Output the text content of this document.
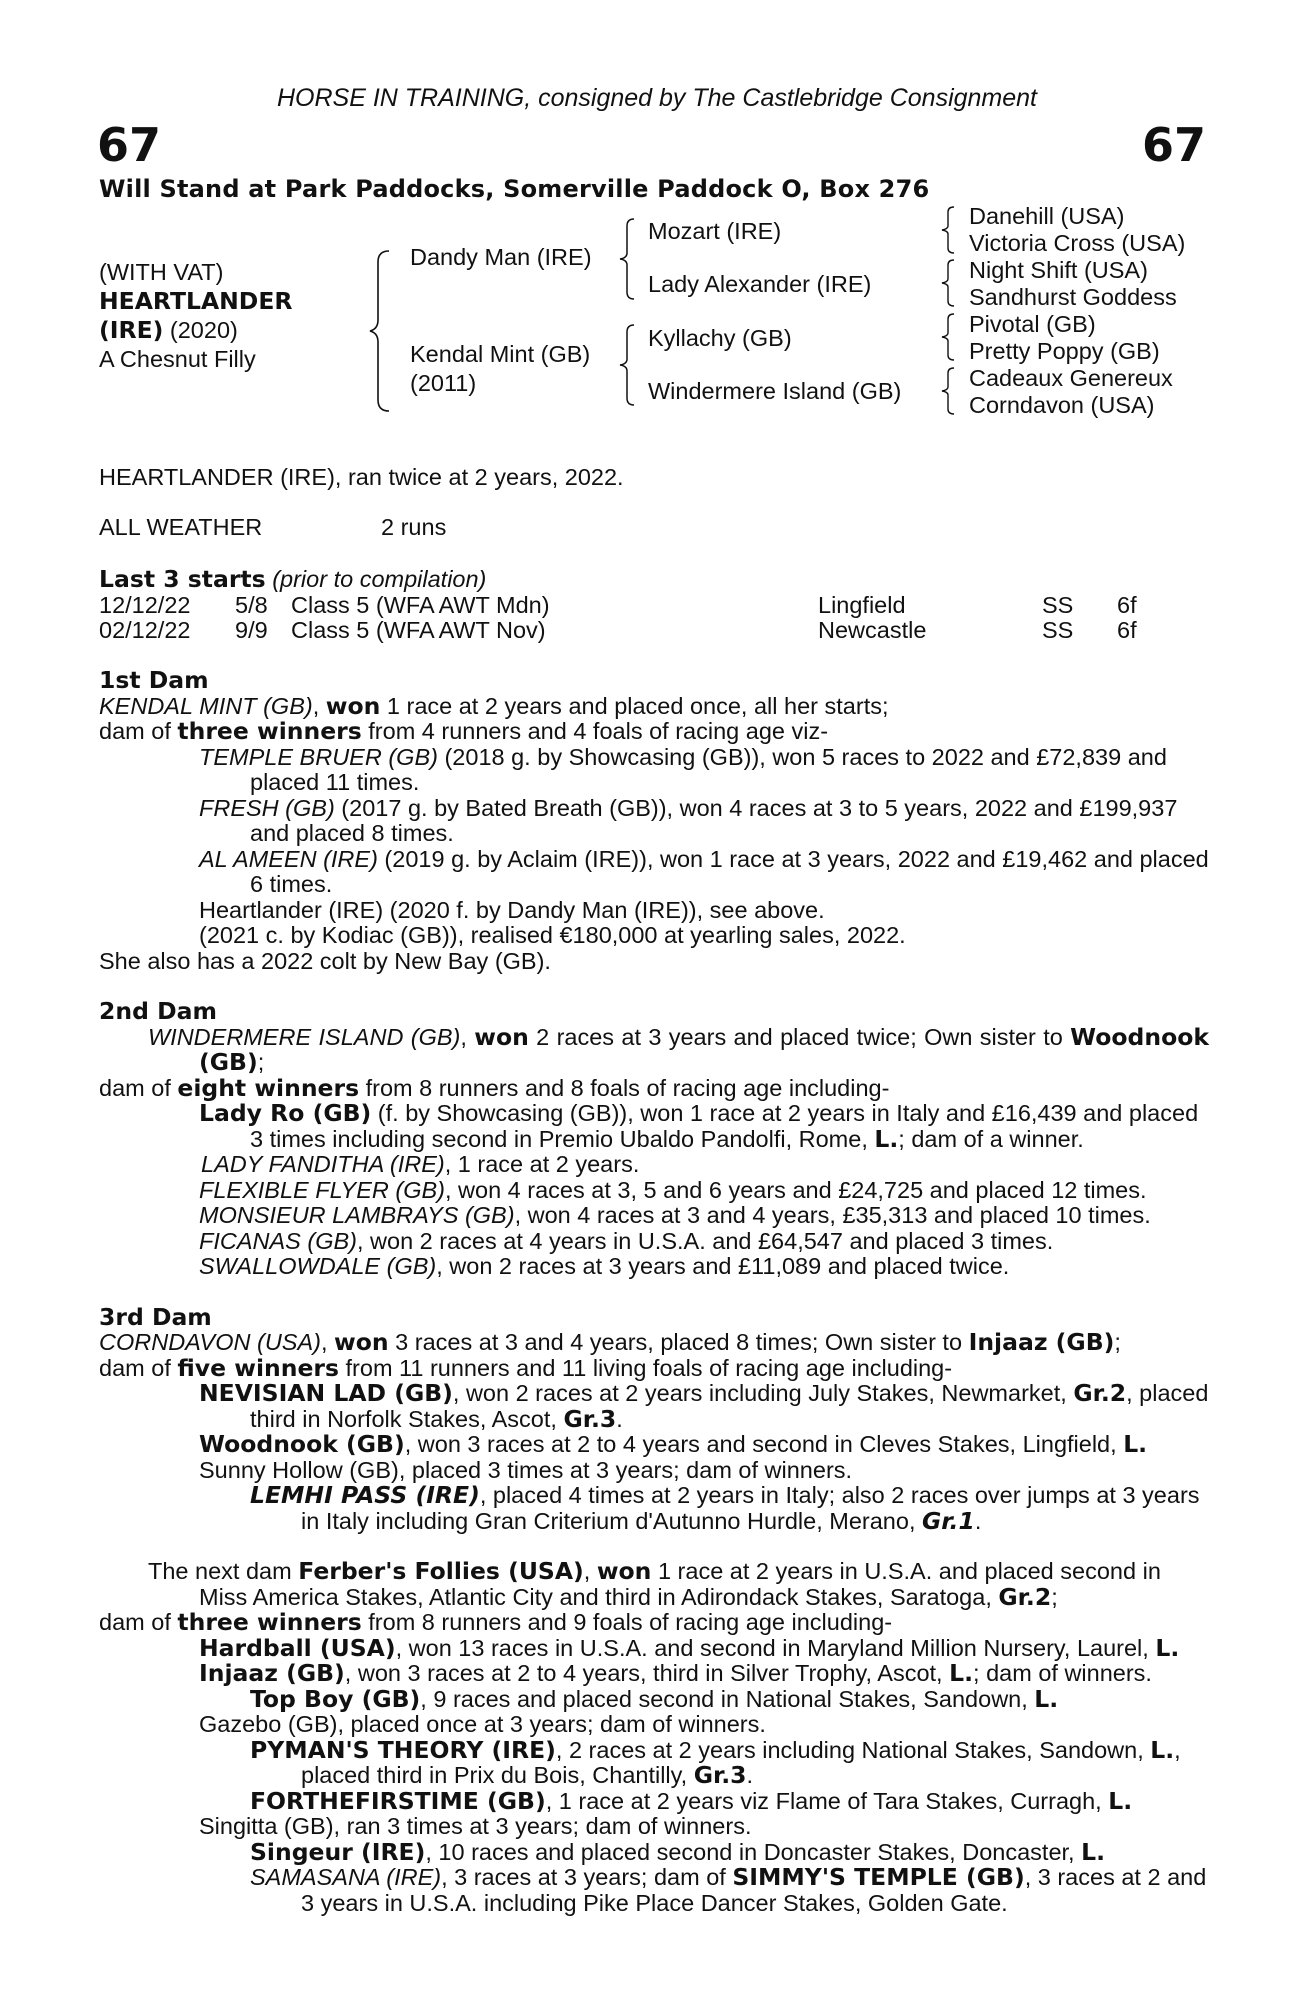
HORSE IN TRAINING, consigned by The Castlebridge Consignment
67	67
Will Stand at Park Paddocks, Somerville Paddock O, Box 276
(WITH VAT)
HEARTLANDER
(IRE) (2020)
A Chesnut Filly
Dandy Man (IRE)
Kendal Mint (GB)
(2011)
Mozart (IRE)
Lady Alexander (IRE)
Kyllachy (GB)
Windermere Island (GB)
Danehill (USA)
Victoria Cross (USA)
Night Shift (USA)
Sandhurst Goddess
Pivotal (GB)
Pretty Poppy (GB)
Cadeaux Genereux
Corndavon (USA)
HEARTLANDER (IRE), ran twice at 2 years, 2022.
ALL WEATHER	2 runs
Last 3 starts (prior to compilation)
12/12/22 5/8 Class 5 (WFA AWT Mdn)	Lingfield	SS 6f
02/12/22 9/9 Class 5 (WFA AWT Nov)	Newcastle	SS 6f

1st Dam

KENDAL MINT (GB), won 1 race at 2 years and placed once, all her starts;

dam of three winners from 4 runners and 4 foals of racing age viz-

TEMPLE BRUER (GB) (2018 g. by Showcasing (GB)), won 5 races to 2022 and £72,839 and placed 11 times.

FRESH (GB) (2017 g. by Bated Breath (GB)), won 4 races at 3 to 5 years, 2022 and £199,937 and placed 8 times.

AL AMEEN (IRE) (2019 g. by Aclaim (IRE)), won 1 race at 3 years, 2022 and £19,462 and placed 6 times.

Heartlander (IRE) (2020 f. by Dandy Man (IRE)), see above.

(2021 c. by Kodiac (GB)), realised €180,000 at yearling sales, 2022.

She also has a 2022 colt by New Bay (GB).

2nd Dam

WINDERMERE ISLAND (GB), won 2 races at 3 years and placed twice; Own sister to Woodnook (GB);

dam of eight winners from 8 runners and 8 foals of racing age including-

Lady Ro (GB) (f. by Showcasing (GB)), won 1 race at 2 years in Italy and £16,439 and placed 3 times including second in Premio Ubaldo Pandolfi, Rome, L.; dam of a winner.

LADY FANDITHA (IRE), 1 race at 2 years.

FLEXIBLE FLYER (GB), won 4 races at 3, 5 and 6 years and £24,725 and placed 12 times.

MONSIEUR LAMBRAYS (GB), won 4 races at 3 and 4 years, £35,313 and placed 10 times.

FICANAS (GB), won 2 races at 4 years in U.S.A. and £64,547 and placed 3 times.

SWALLOWDALE (GB), won 2 races at 3 years and £11,089 and placed twice.

3rd Dam

CORNDAVON (USA), won 3 races at 3 and 4 years, placed 8 times; Own sister to Injaaz (GB);

dam of five winners from 11 runners and 11 living foals of racing age including-

NEVISIAN LAD (GB), won 2 races at 2 years including July Stakes, Newmarket, Gr.2, placed third in Norfolk Stakes, Ascot, Gr.3.

Woodnook (GB), won 3 races at 2 to 4 years and second in Cleves Stakes, Lingfield, L.

Sunny Hollow (GB), placed 3 times at 3 years; dam of winners.

LEMHI PASS (IRE), placed 4 times at 2 years in Italy; also 2 races over jumps at 3 years in Italy including Gran Criterium d'Autunno Hurdle, Merano, Gr.1.

The next dam Ferber's Follies (USA), won 1 race at 2 years in U.S.A. and placed second in Miss America Stakes, Atlantic City and third in Adirondack Stakes, Saratoga, Gr.2;

dam of three winners from 8 runners and 9 foals of racing age including-

Hardball (USA), won 13 races in U.S.A. and second in Maryland Million Nursery, Laurel, L.

Injaaz (GB), won 3 races at 2 to 4 years, third in Silver Trophy, Ascot, L.; dam of winners.

Top Boy (GB), 9 races and placed second in National Stakes, Sandown, L.

Gazebo (GB), placed once at 3 years; dam of winners.

PYMAN'S THEORY (IRE), 2 races at 2 years including National Stakes, Sandown, L., placed third in Prix du Bois, Chantilly, Gr.3.

FORTHEFIRSTIME (GB), 1 race at 2 years viz Flame of Tara Stakes, Curragh, L.

Singitta (GB), ran 3 times at 3 years; dam of winners.

Singeur (IRE), 10 races and placed second in Doncaster Stakes, Doncaster, L.

SAMASANA (IRE), 3 races at 3 years; dam of SIMMY'S TEMPLE (GB), 3 races at 2 and 3 years in U.S.A. including Pike Place Dancer Stakes, Golden Gate.
